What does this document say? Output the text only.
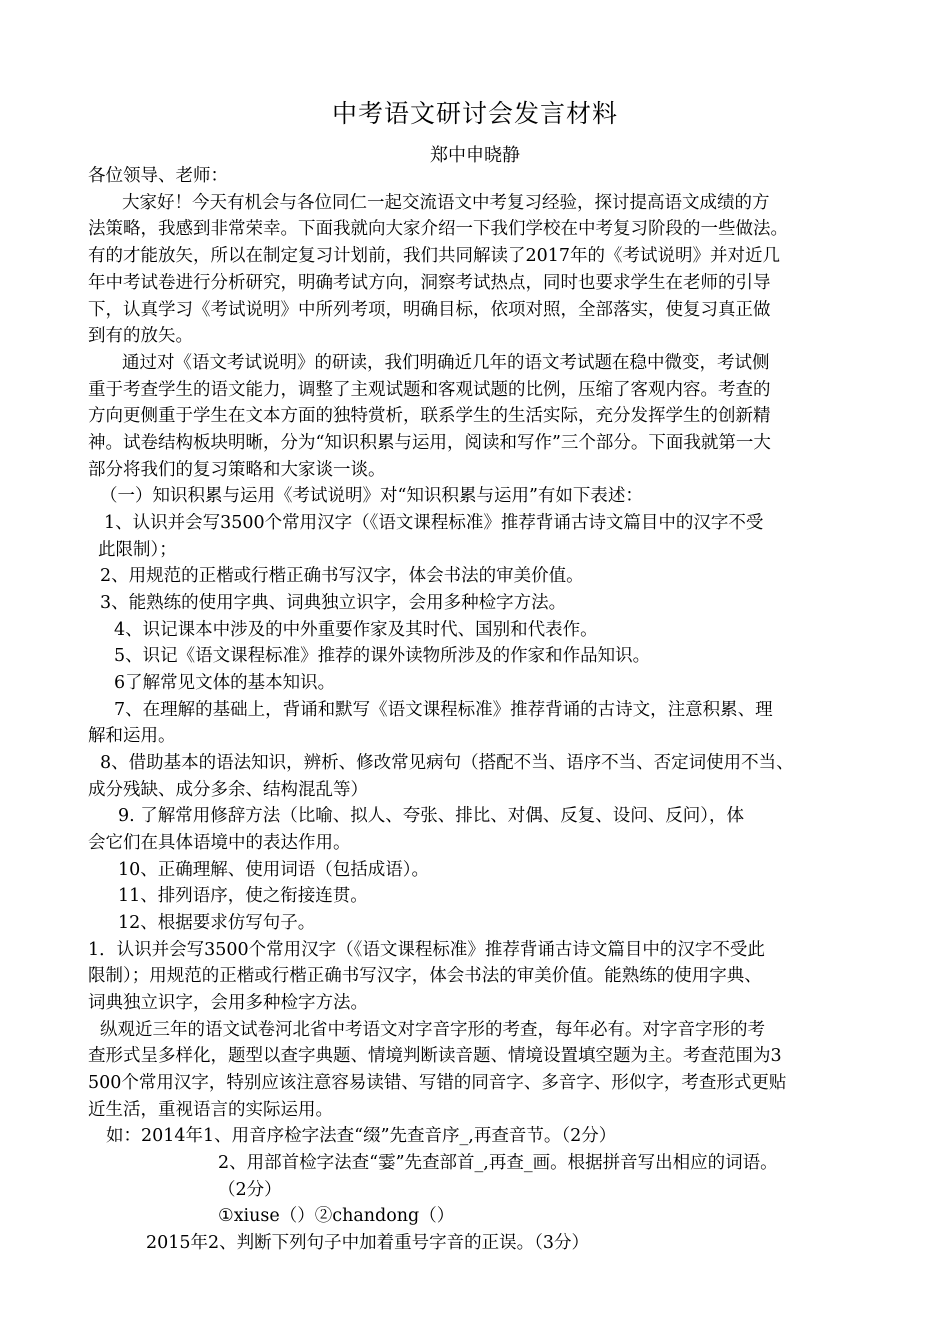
中考语文研讨会发言材料
郑中申晓静
各位领导、老师：
大家好！今天有机会与各位同仁一起交流语文中考复习经验，探讨提高语文成绩的方
法策略，我感到非常荣幸。下面我就向大家介绍一下我们学校在中考复习阶段的一些做法。
有的才能放矢，所以在制定复习计划前，我们共同解读了2017年的《考试说明》并对近几
年中考试卷进行分析研究，明确考试方向，洞察考试热点，同时也要求学生在老师的引导
下，认真学习《考试说明》中所列考项，明确目标，依项对照，全部落实，使复习真正做
到有的放矢。
通过对《语文考试说明》的研读，我们明确近几年的语文考试题在稳中微变，考试侧
重于考查学生的语文能力，调整了主观试题和客观试题的比例，压缩了客观内容。考查的
方向更侧重于学生在文本方面的独特赏析，联系学生的生活实际，充分发挥学生的创新精
神。试卷结构板块明晰，分为“知识积累与运用，阅读和写作”三个部分。下面我就第一大
部分将我们的复习策略和大家谈一谈。
（一）知识积累与运用《考试说明》对“知识积累与运用”有如下表述：
1、认识并会写3500个常用汉字（《语文课程标准》推荐背诵古诗文篇目中的汉字不受
此限制）；
2、用规范的正楷或行楷正确书写汉字，体会书法的审美价值。
3、能熟练的使用字典、词典独立识字，会用多种检字方法。
4、识记课本中涉及的中外重要作家及其时代、国别和代表作。
5、识记《语文课程标准》推荐的课外读物所涉及的作家和作品知识。
6了解常见文体的基本知识。
7、在理解的基础上，背诵和默写《语文课程标准》推荐背诵的古诗文，注意积累、理
解和运用。
8、借助基本的语法知识，辨析、修改常见病句（搭配不当、语序不当、否定词使用不当、
成分残缺、成分多余、结构混乱等）
9. 了解常用修辞方法（比喻、拟人、夸张、排比、对偶、反复、设问、反问），体
会它们在具体语境中的表达作用。
10、正确理解、使用词语（包括成语）。
11、排列语序，使之衔接连贯。
12、根据要求仿写句子。
1．认识并会写3500个常用汉字（《语文课程标准》推荐背诵古诗文篇目中的汉字不受此
限制）；用规范的正楷或行楷正确书写汉字，体会书法的审美价值。能熟练的使用字典、
词典独立识字，会用多种检字方法。
纵观近三年的语文试卷河北省中考语文对字音字形的考查，每年必有。对字音字形的考
查形式呈多样化，题型以查字典题、情境判断读音题、情境设置填空题为主。考查范围为3
500个常用汉字，特别应该注意容易读错、写错的同音字、多音字、形似字，考查形式更贴
近生活，重视语言的实际运用。
如：2014年1、用音序检字法查“缀”先查音序_,再查音节。（2分）
2、用部首检字法查“霎”先查部首_,再查_画。根据拼音写出相应的词语。
（2分）
①xiuse（）②chandong（）
2015年2、判断下列句子中加着重号字音的正误。（3分）
